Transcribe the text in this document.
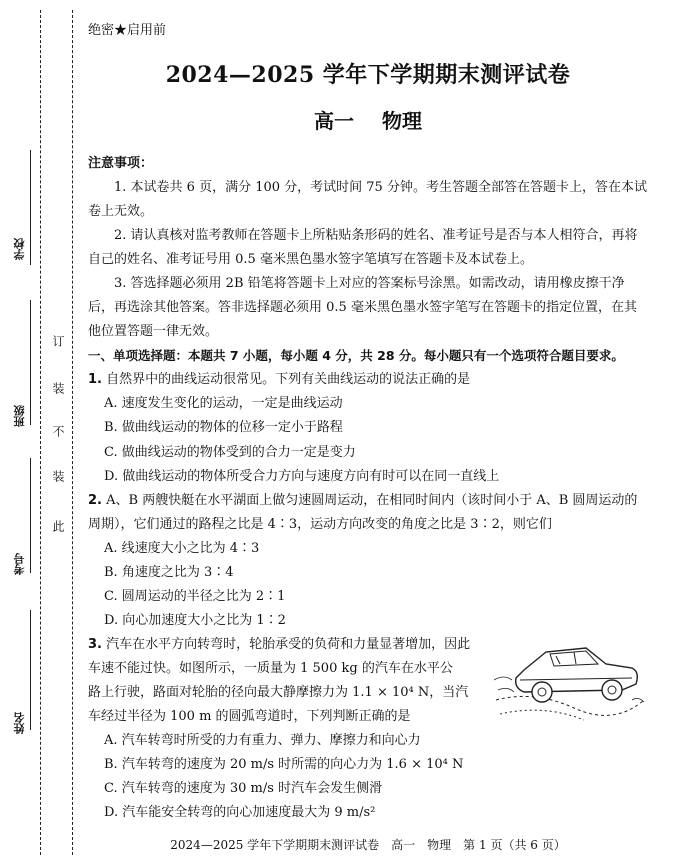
学校
班级
考号
姓名
订
装
不
装
此
绝密★启用前
2024—2025 学年下学期期末测评试卷
高一 物理
注意事项：
1. 本试卷共 6 页，满分 100 分，考试时间 75 分钟。考生答题全部答在答题卡上，答在本试卷上无效。
2. 请认真核对监考教师在答题卡上所粘贴条形码的姓名、准考证号是否与本人相符合，再将自己的姓名、准考证号用 0.5 毫米黑色墨水签字笔填写在答题卡及本试卷上。
3. 答选择题必须用 2B 铅笔将答题卡上对应的答案标号涂黑。如需改动，请用橡皮擦干净后，再选涂其他答案。答非选择题必须用 0.5 毫米黑色墨水签字笔写在答题卡的指定位置，在其他位置答题一律无效。
一、单项选择题：本题共 7 小题，每小题 4 分，共 28 分。每小题只有一个选项符合题目要求。
1. 自然界中的曲线运动很常见。下列有关曲线运动的说法正确的是
A. 速度发生变化的运动，一定是曲线运动
B. 做曲线运动的物体的位移一定小于路程
C. 做曲线运动的物体受到的合力一定是变力
D. 做曲线运动的物体所受合力方向与速度方向有时可以在同一直线上
2. A、B 两艘快艇在水平湖面上做匀速圆周运动，在相同时间内（该时间小于 A、B 圆周运动的
周期），它们通过的路程之比是 4∶3，运动方向改变的角度之比是 3∶2，则它们
A. 线速度大小之比为 4∶3
B. 角速度之比为 3∶4
C. 圆周运动的半径之比为 2∶1
D. 向心加速度大小之比为 1∶2
3. 汽车在水平方向转弯时，轮胎承受的负荷和力量显著增加，因此
车速不能过快。如图所示，一质量为 1 500 kg 的汽车在水平公
路上行驶，路面对轮胎的径向最大静摩擦力为 1.1 × 10⁴ N，当汽
车经过半径为 100 m 的圆弧弯道时，下列判断正确的是
A. 汽车转弯时所受的力有重力、弹力、摩擦力和向心力
B. 汽车转弯的速度为 20 m/s 时所需的向心力为 1.6 × 10⁴ N
C. 汽车转弯的速度为 30 m/s 时汽车会发生侧滑
D. 汽车能安全转弯的向心加速度最大为 9 m/s²
2024—2025 学年下学期期末测评试卷　高一　物理　第 1 页（共 6 页）
